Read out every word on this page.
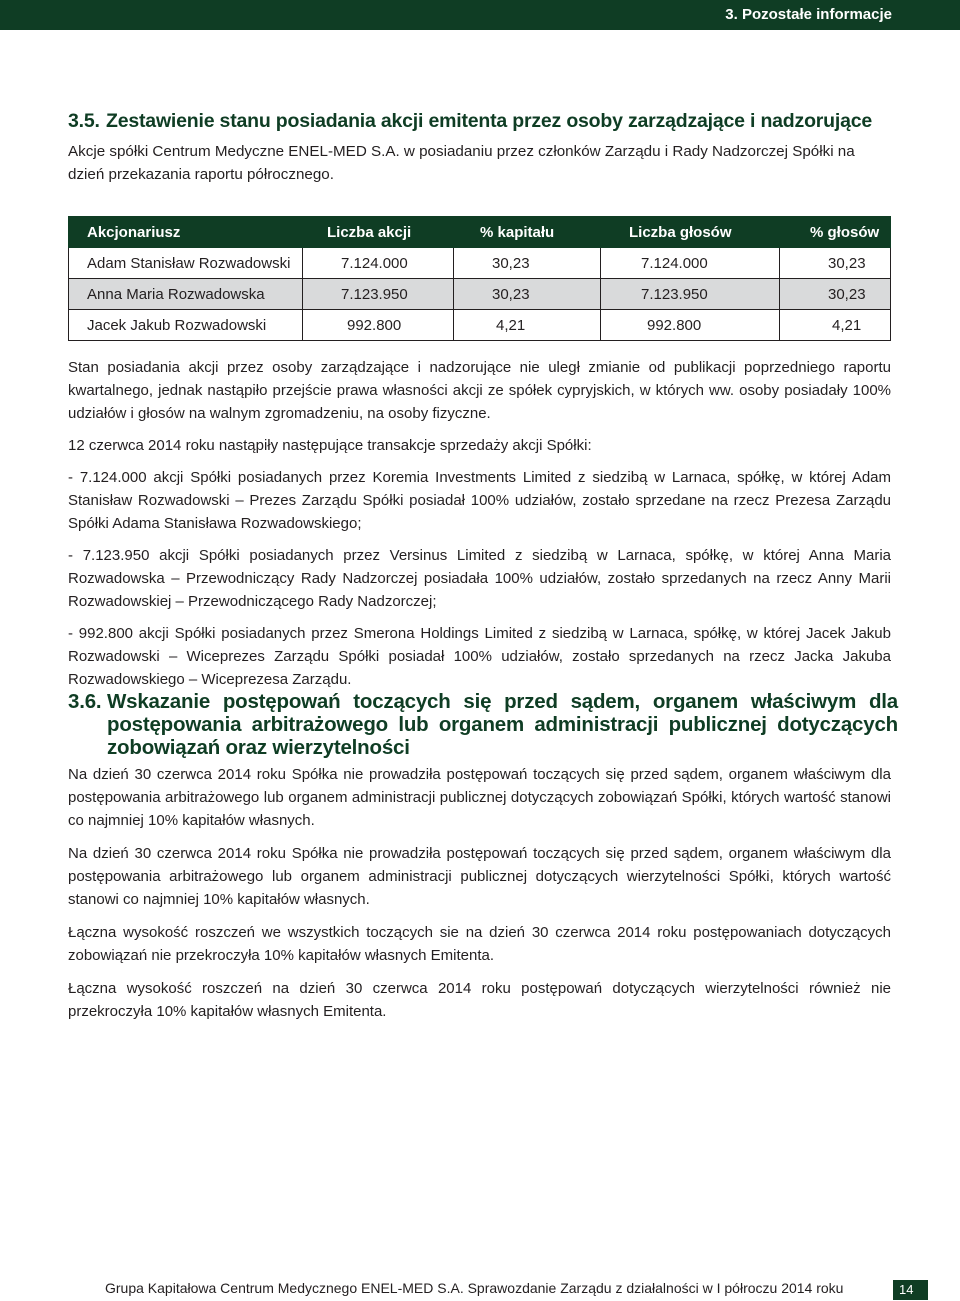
3. Pozostałe informacje
3.5. Zestawienie stanu posiadania akcji emitenta przez osoby zarządzające i nadzorujące
Akcje spółki Centrum Medyczne ENEL-MED S.A. w posiadaniu przez członków Zarządu i Rady Nadzorczej Spółki na dzień przekazania raportu półrocznego.
Akcjonariusz	Liczba akcji	% kapitału	Liczba głosów	% głosów
Adam Stanisław Rozwadowski	7.124.000	30,23	7.124.000	30,23
Anna Maria Rozwadowska	7.123.950	30,23	7.123.950	30,23
Jacek Jakub Rozwadowski	992.800	4,21	992.800	4,21

Stan posiadania akcji przez osoby zarządzające i nadzorujące nie uległ zmianie od publikacji poprzedniego raportu kwartalnego, jednak nastąpiło przejście prawa własności akcji ze spółek cypryjskich, w których ww. osoby posiadały 100% udziałów i głosów na walnym zgromadzeniu, na osoby fizyczne.

12 czerwca 2014 roku nastąpiły następujące transakcje sprzedaży akcji Spółki:

- 7.124.000 akcji Spółki posiadanych przez Koremia Investments Limited z siedzibą w Larnaca, spółkę, w której Adam Stanisław Rozwadowski – Prezes Zarządu Spółki posiadał 100% udziałów, zostało sprzedane na rzecz Prezesa Zarządu Spółki Adama Stanisława Rozwadowskiego;

- 7.123.950 akcji Spółki posiadanych przez Versinus Limited z siedzibą w Larnaca, spółkę, w której Anna Maria Rozwadowska – Przewodniczący Rady Nadzorczej posiadała 100% udziałów, zostało sprzedanych na rzecz Anny Marii Rozwadowskiej – Przewodniczącego Rady Nadzorczej;

- 992.800 akcji Spółki posiadanych przez Smerona Holdings Limited z siedzibą w Larnaca, spółkę, w której Jacek Jakub Rozwadowski – Wiceprezes Zarządu Spółki posiadał 100% udziałów, zostało sprzedanych na rzecz Jacka Jakuba Rozwadowskiego – Wiceprezesa Zarządu.

3.6. Wskazanie postępowań toczących się przed sądem, organem właściwym dla postępowania arbitrażowego lub organem administracji publicznej dotyczących zobowiązań oraz wierzytelności

Na dzień 30 czerwca 2014 roku Spółka nie prowadziła postępowań toczących się przed sądem, organem właściwym dla postępowania arbitrażowego lub organem administracji publicznej dotyczących zobowiązań Spółki, których wartość stanowi co najmniej 10% kapitałów własnych.

Na dzień 30 czerwca 2014 roku Spółka nie prowadziła postępowań toczących się przed sądem, organem właściwym dla postępowania arbitrażowego lub organem administracji publicznej dotyczących wierzytelności Spółki, których wartość stanowi co najmniej 10% kapitałów własnych.

Łączna wysokość roszczeń we wszystkich toczących sie na dzień 30 czerwca 2014 roku postępowaniach dotyczących zobowiązań nie przekroczyła 10% kapitałów własnych Emitenta.

Łączna wysokość roszczeń na dzień 30 czerwca 2014 roku postępowań dotyczących wierzytelności również nie przekroczyła 10% kapitałów własnych Emitenta.

Grupa Kapitałowa Centrum Medycznego ENEL-MED S.A. Sprawozdanie Zarządu z działalności w I półroczu 2014 roku	14
